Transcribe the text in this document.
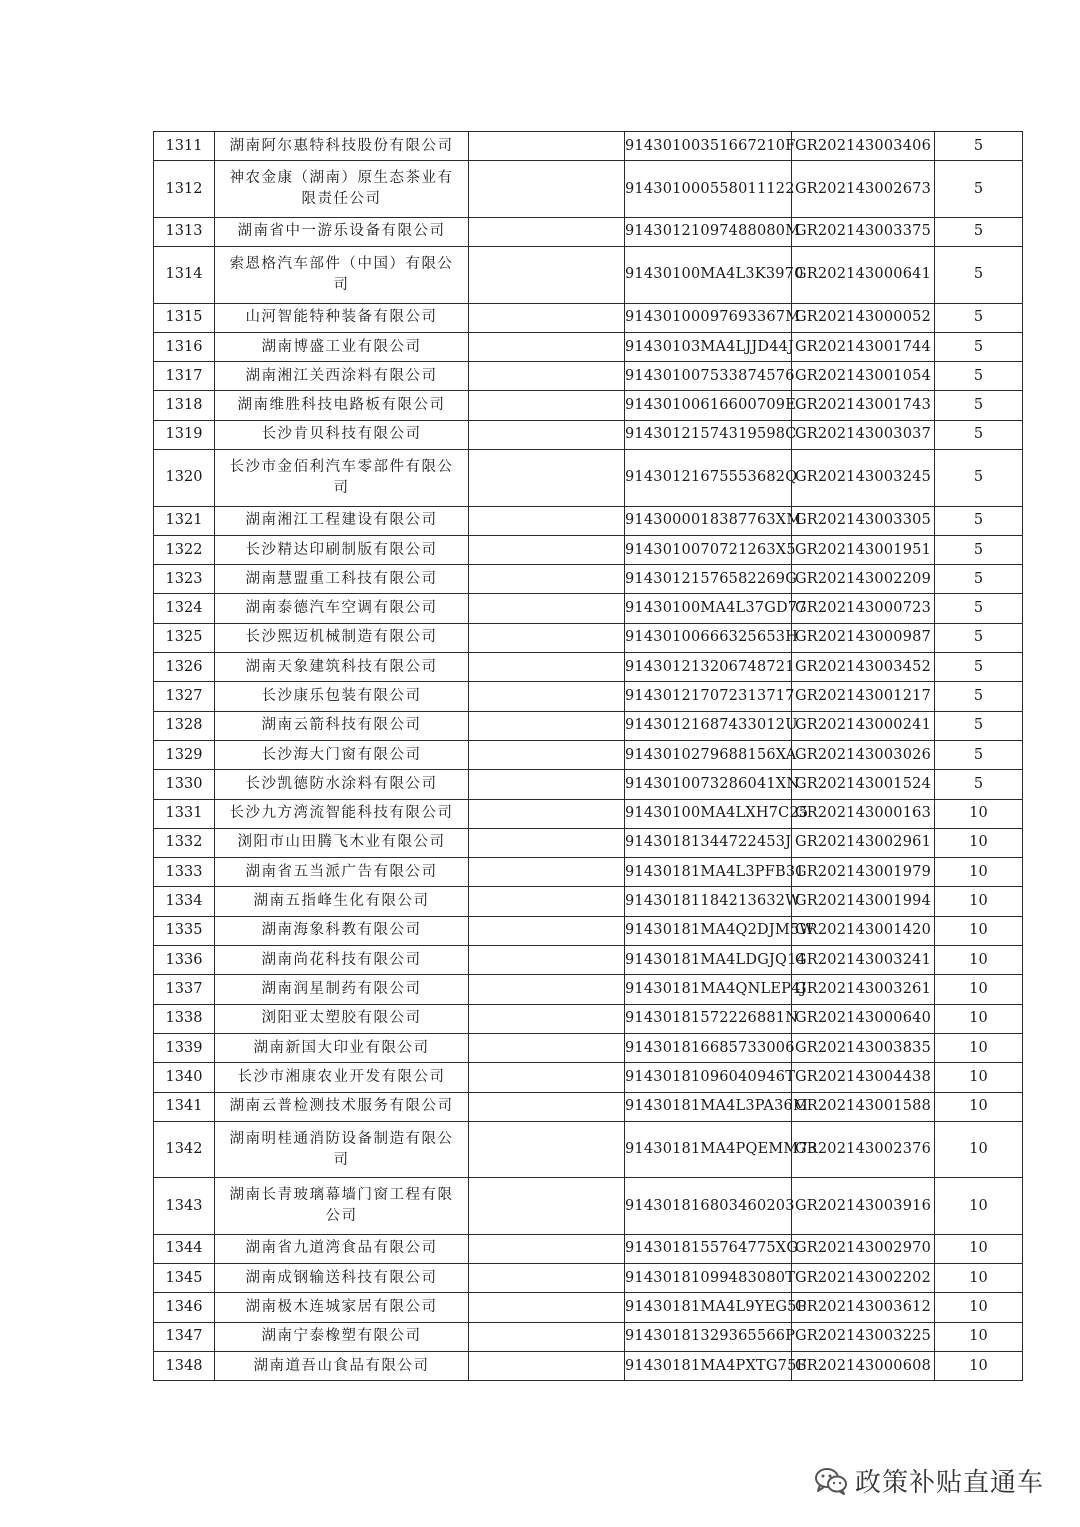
1311	湖南阿尔惠特科技股份有限公司		91430100351667210F	GR202143003406	5
1312	神农金康（湖南）原生态茶业有限责任公司		914301000558011122	GR202143002673	5
1313	湖南省中一游乐设备有限公司		91430121097488080M	GR202143003375	5
1314	索恩格汽车部件（中国）有限公司		91430100MA4L3K3970	GR202143000641	5
1315	山河智能特种装备有限公司		91430100097693367M	GR202143000052	5
1316	湖南博盛工业有限公司		91430103MA4LJJD44J	GR202143001744	5
1317	湖南湘江关西涂料有限公司		914301007533874576	GR202143001054	5
1318	湖南维胜科技电路板有限公司		91430100616600709E	GR202143001743	5
1319	长沙肯贝科技有限公司		91430121574319598C	GR202143003037	5
1320	长沙市金佰利汽车零部件有限公司		91430121675553682Q	GR202143003245	5
1321	湖南湘江工程建设有限公司		9143000018387763XM	GR202143003305	5
1322	长沙精达印刷制版有限公司		9143010070721263X5	GR202143001951	5
1323	湖南慧盟重工科技有限公司		91430121576582269G	GR202143002209	5
1324	湖南泰德汽车空调有限公司		91430100MA4L37GD77	GR202143000723	5
1325	长沙熙迈机械制造有限公司		91430100666325653H	GR202143000987	5
1326	湖南天象建筑科技有限公司		914301213206748721	GR202143003452	5
1327	长沙康乐包装有限公司		914301217072313717	GR202143001217	5
1328	湖南云箭科技有限公司		91430121687433012U	GR202143000241	5
1329	长沙海大门窗有限公司		9143010279688156XA	GR202143003026	5
1330	长沙凯德防水涂料有限公司		9143010073286041XN	GR202143001524	5
1331	长沙九方湾流智能科技有限公司		91430100MA4LXH7C25	GR202143000163	10
1332	浏阳市山田腾飞木业有限公司		91430181344722453J	GR202143002961	10
1333	湖南省五当派广告有限公司		91430181MA4L3PFB31	GR202143001979	10
1334	湖南五指峰生化有限公司		91430181184213632W	GR202143001994	10
1335	湖南海象科教有限公司		91430181MA4Q2DJM5W	GR202143001420	10
1336	湖南尚花科技有限公司		91430181MA4LDGJQ14	GR202143003241	10
1337	湖南润星制药有限公司		91430181MA4QNLEP4J	GR202143003261	10
1338	浏阳亚太塑胶有限公司		91430181572226881N	GR202143000640	10
1339	湖南新国大印业有限公司		914301816685733006	GR202143003835	10
1340	长沙市湘康农业开发有限公司		91430181096040946T	GR202143004438	10
1341	湖南云普检测技术服务有限公司		91430181MA4L3PA36M	GR202143001588	10
1342	湖南明桂通消防设备制造有限公司		91430181MA4PQEMM73	GR202143002376	10
1343	湖南长青玻璃幕墙门窗工程有限公司		914301816803460203	GR202143003916	10
1344	湖南省九道湾食品有限公司		9143018155764775XG	GR202143002970	10
1345	湖南成钢输送科技有限公司		91430181099483080T	GR202143002202	10
1346	湖南极木连城家居有限公司		91430181MA4L9YEG5P	GR202143003612	10
1347	湖南宁泰橡塑有限公司		91430181329365566P	GR202143003225	10
1348	湖南道吾山食品有限公司		91430181MA4PXTG75F	GR202143000608	10
政策补贴直通车
